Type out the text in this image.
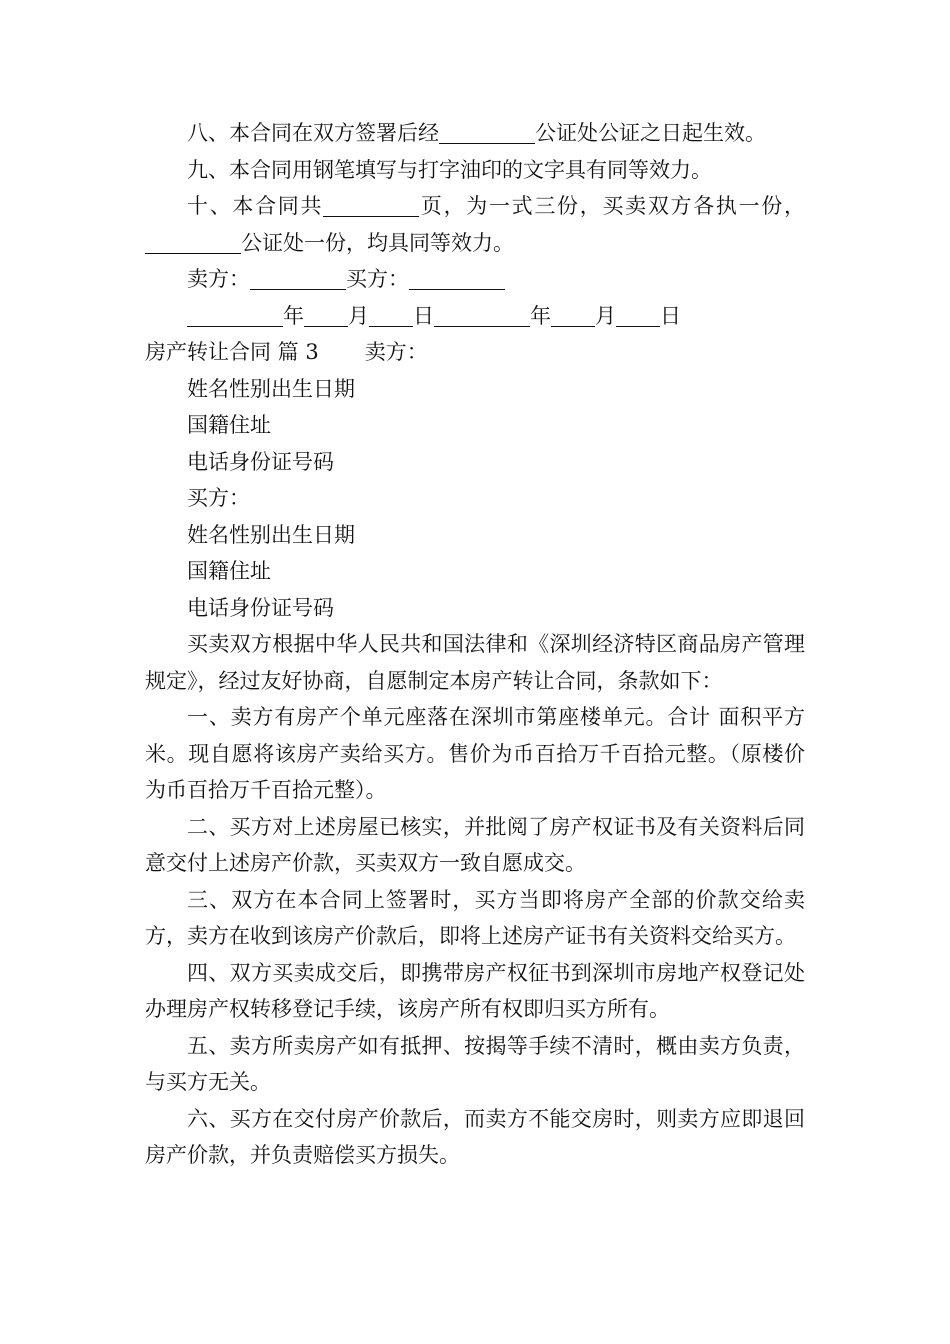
八、本合同在双方签署后经	公证处公证之日起生效。

九、本合同用钢笔填写与打字油印的文字具有同等效力。

十、本合同共	页，为一式三份，买卖双方各执一份，公证处一份，均具同等效力。

卖方：	买方：

年 月 日	年 月 日

房产转让合同 篇 3 卖方：

姓名性别出生日期

国籍住址

电话身份证号码

买方：

姓名性别出生日期

国籍住址

电话身份证号码

买卖双方根据中华人民共和国法律和《深圳经济特区商品房产管理规定》，经过友好协商，自愿制定本房产转让合同，条款如下：

一、卖方有房产个单元座落在深圳市第座楼单元。合计 面积平方米。现自愿将该房产卖给买方。售价为币百拾万千百拾元整。（原楼价为币百拾万千百拾元整）。

二、买方对上述房屋已核实，并批阅了房产权证书及有关资料后同意交付上述房产价款，买卖双方一致自愿成交。

三、双方在本合同上签署时，买方当即将房产全部的价款交给卖方，卖方在收到该房产价款后，即将上述房产证书有关资料交给买方。

四、双方买卖成交后，即携带房产权征书到深圳市房地产权登记处办理房产权转移登记手续，该房产所有权即归买方所有。

五、卖方所卖房产如有抵押、按揭等手续不清时，概由卖方负责，与买方无关。

六、买方在交付房产价款后，而卖方不能交房时，则卖方应即退回房产价款，并负责赔偿买方损失。
